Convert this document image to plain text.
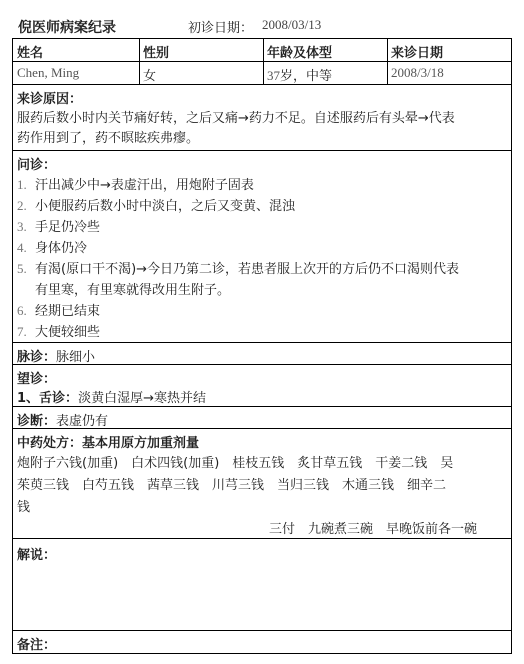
倪医师病案纪录	初诊日期： 2008/03/13
姓名	性别	年龄及体型	来诊日期
Chen, Ming	女	37岁，中等	2008/3/18
来诊原因：
服药后数小时内关节痛好转，之后又痛→药力不足。自述服药后有头晕→代表
药作用到了，药不暝眩疾弗瘳。
问诊：
1. 汗出减少中→表虚汗出，用炮附子固表
2. 小便服药后数小时中淡白，之后又变黄、混浊
3. 手足仍冷些
4. 身体仍冷
5. 有渴(原口干不渴)→今日乃第二诊，若患者服上次开的方后仍不口渴则代表
有里寒，有里寒就得改用生附子。
6. 经期已结束
7. 大便较细些
脉诊：脉细小
望诊：
1、舌诊：淡黄白湿厚→寒热并结
诊断：表虚仍有
中药处方：基本用原方加重剂量
炮附子六钱(加重)　白术四钱(加重)　桂枝五钱　炙甘草五钱　干姜二钱　吴
茱萸三钱　白芍五钱　茜草三钱　川芎三钱　当归三钱　木通三钱　细辛二
钱
三付　九碗煮三碗　早晚饭前各一碗
解说：
备注：
